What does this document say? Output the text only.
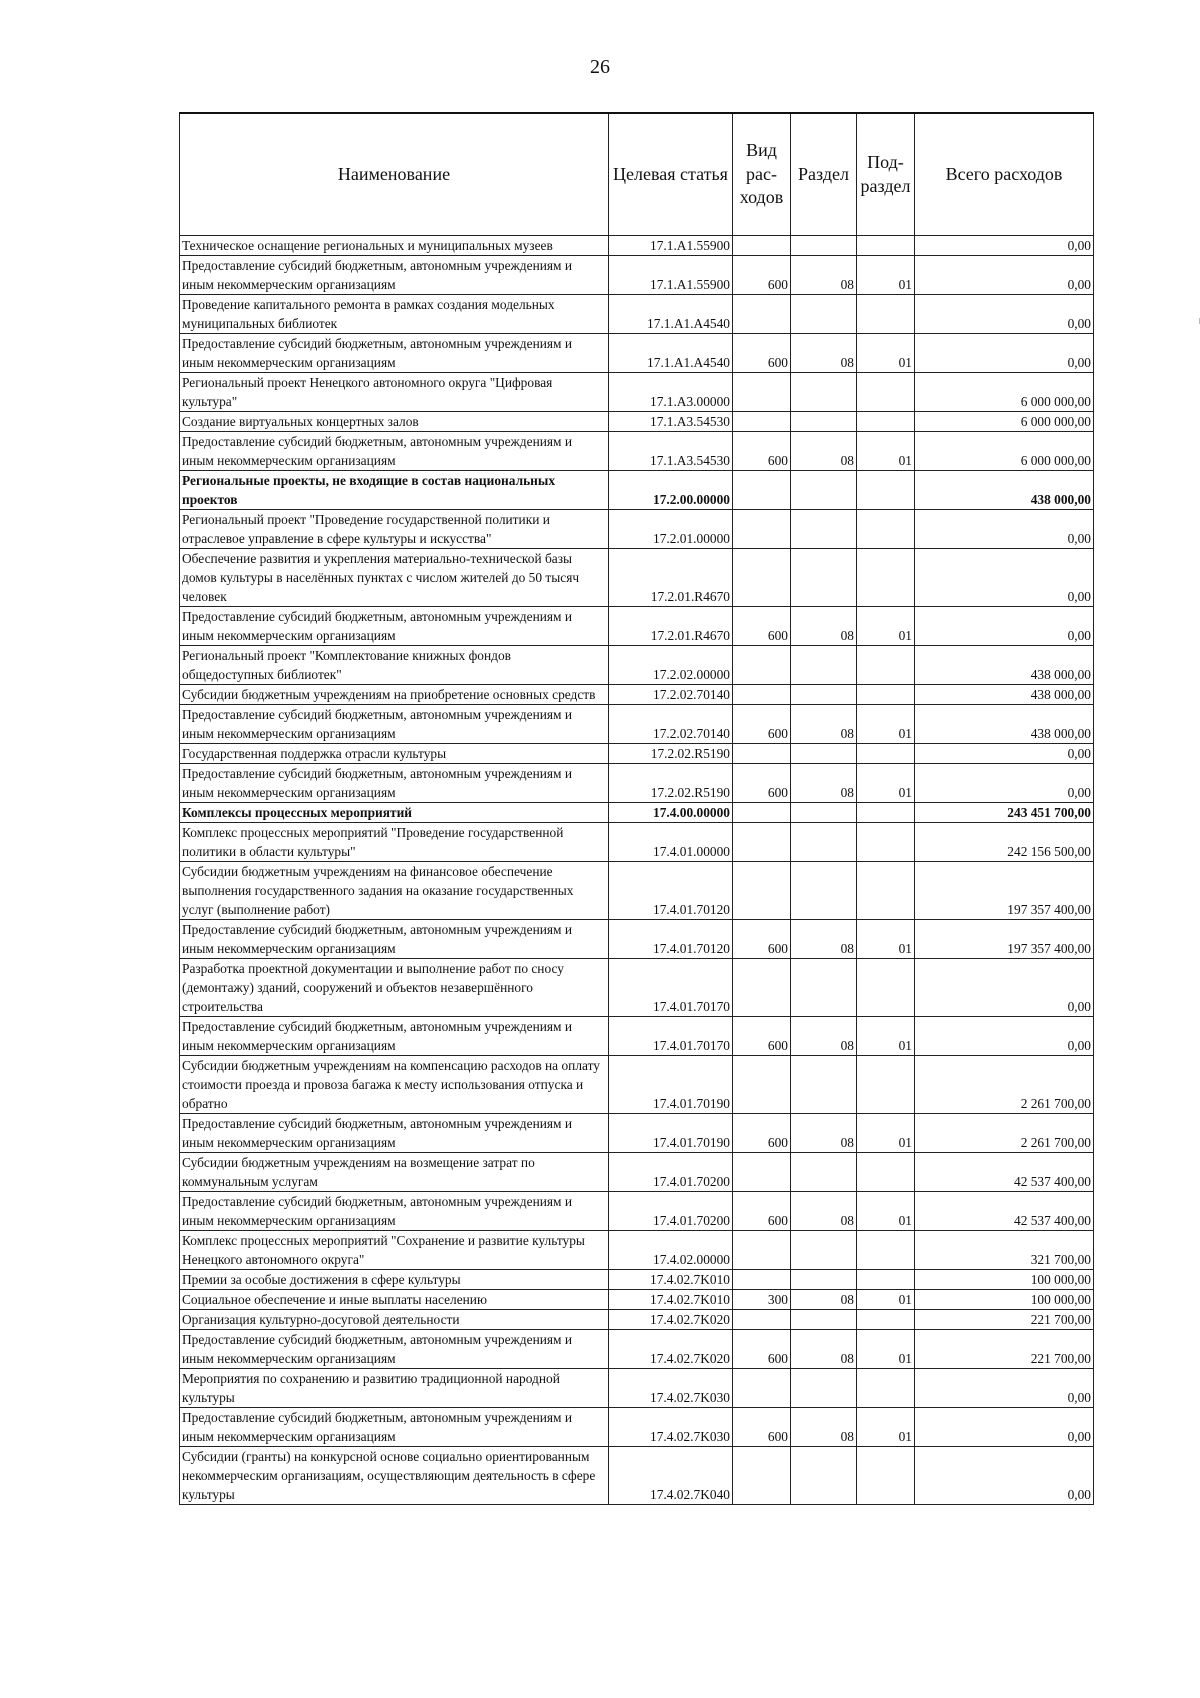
26
Наименование	Целевая статья	Вид рас- ходов	Раздел	Под- раздел	Всего расходов
Техническое оснащение региональных и муниципальных музеев	17.1.A1.55900				0,00
Предоставление субсидий бюджетным, автономным учреждениям и иным некоммерческим организациям	17.1.A1.55900	600	08	01	0,00
Проведение капитального ремонта в рамках создания модельных муниципальных библиотек	17.1.A1.A4540				0,00
Предоставление субсидий бюджетным, автономным учреждениям и иным некоммерческим организациям	17.1.A1.A4540	600	08	01	0,00
Региональный проект Ненецкого автономного округа "Цифровая культура"	17.1.A3.00000				6 000 000,00
Создание виртуальных концертных залов	17.1.A3.54530				6 000 000,00
Предоставление субсидий бюджетным, автономным учреждениям и иным некоммерческим организациям	17.1.A3.54530	600	08	01	6 000 000,00
Региональные проекты, не входящие в состав национальных проектов	17.2.00.00000				438 000,00
Региональный проект "Проведение государственной политики и отраслевое управление в сфере культуры и искусства"	17.2.01.00000				0,00
Обеспечение развития и укрепления материально-технической базы домов культуры в населённых пунктах с числом жителей до 50 тысяч человек	17.2.01.R4670				0,00
Предоставление субсидий бюджетным, автономным учреждениям и иным некоммерческим организациям	17.2.01.R4670	600	08	01	0,00
Региональный проект "Комплектование книжных фондов общедоступных библиотек"	17.2.02.00000				438 000,00
Субсидии бюджетным учреждениям на приобретение основных средств	17.2.02.70140				438 000,00
Предоставление субсидий бюджетным, автономным учреждениям и иным некоммерческим организациям	17.2.02.70140	600	08	01	438 000,00
Государственная поддержка отрасли культуры	17.2.02.R5190				0,00
Предоставление субсидий бюджетным, автономным учреждениям и иным некоммерческим организациям	17.2.02.R5190	600	08	01	0,00
Комплексы процессных мероприятий	17.4.00.00000				243 451 700,00
Комплекс процессных мероприятий "Проведение государственной политики в области культуры"	17.4.01.00000				242 156 500,00
Субсидии бюджетным учреждениям на финансовое обеспечение выполнения государственного задания на оказание государственных услуг (выполнение работ)	17.4.01.70120				197 357 400,00
Предоставление субсидий бюджетным, автономным учреждениям и иным некоммерческим организациям	17.4.01.70120	600	08	01	197 357 400,00
Разработка проектной документации и выполнение работ по сносу (демонтажу) зданий, сооружений и объектов незавершённого строительства	17.4.01.70170				0,00
Предоставление субсидий бюджетным, автономным учреждениям и иным некоммерческим организациям	17.4.01.70170	600	08	01	0,00
Субсидии бюджетным учреждениям на компенсацию расходов на оплату стоимости проезда и провоза багажа к месту использования отпуска и обратно	17.4.01.70190				2 261 700,00
Предоставление субсидий бюджетным, автономным учреждениям и иным некоммерческим организациям	17.4.01.70190	600	08	01	2 261 700,00
Субсидии бюджетным учреждениям на возмещение затрат по коммунальным услугам	17.4.01.70200				42 537 400,00
Предоставление субсидий бюджетным, автономным учреждениям и иным некоммерческим организациям	17.4.01.70200	600	08	01	42 537 400,00
Комплекс процессных мероприятий "Сохранение и развитие культуры Ненецкого автономного округа"	17.4.02.00000				321 700,00
Премии за особые достижения в сфере культуры	17.4.02.7K010				100 000,00
Социальное обеспечение и иные выплаты населению	17.4.02.7K010	300	08	01	100 000,00
Организация культурно-досуговой деятельности	17.4.02.7K020				221 700,00
Предоставление субсидий бюджетным, автономным учреждениям и иным некоммерческим организациям	17.4.02.7K020	600	08	01	221 700,00
Мероприятия по сохранению и развитию традиционной народной культуры	17.4.02.7K030				0,00
Предоставление субсидий бюджетным, автономным учреждениям и иным некоммерческим организациям	17.4.02.7K030	600	08	01	0,00
Субсидии (гранты) на конкурсной основе социально ориентированным некоммерческим организациям, осуществляющим деятельность в сфере культуры	17.4.02.7K040				0,00
